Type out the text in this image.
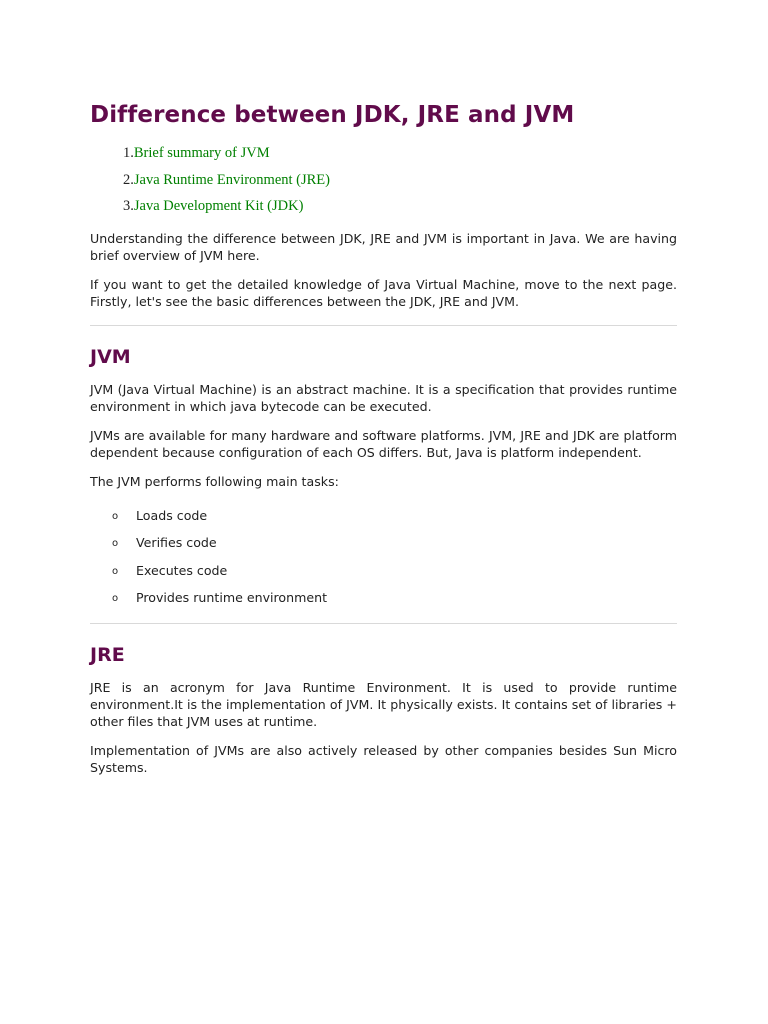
Difference between JDK, JRE and JVM
1.Brief summary of JVM
2.Java Runtime Environment (JRE)
3.Java Development Kit (JDK)

Understanding the difference between JDK, JRE and JVM is important in Java. We are having brief overview of JVM here.

If you want to get the detailed knowledge of Java Virtual Machine, move to the next page. Firstly, let's see the basic differences between the JDK, JRE and JVM.

JVM

JVM (Java Virtual Machine) is an abstract machine. It is a specification that provides runtime environment in which java bytecode can be executed.

JVMs are available for many hardware and software platforms. JVM, JRE and JDK are platform dependent because configuration of each OS differs. But, Java is platform independent.

The JVM performs following main tasks:

o Loads code
o Verifies code
o Executes code
o Provides runtime environment
JRE

JRE is an acronym for Java Runtime Environment. It is used to provide runtime environment.It is the implementation of JVM. It physically exists. It contains set of libraries + other files that JVM uses at runtime.

Implementation of JVMs are also actively released by other companies besides Sun Micro Systems.
